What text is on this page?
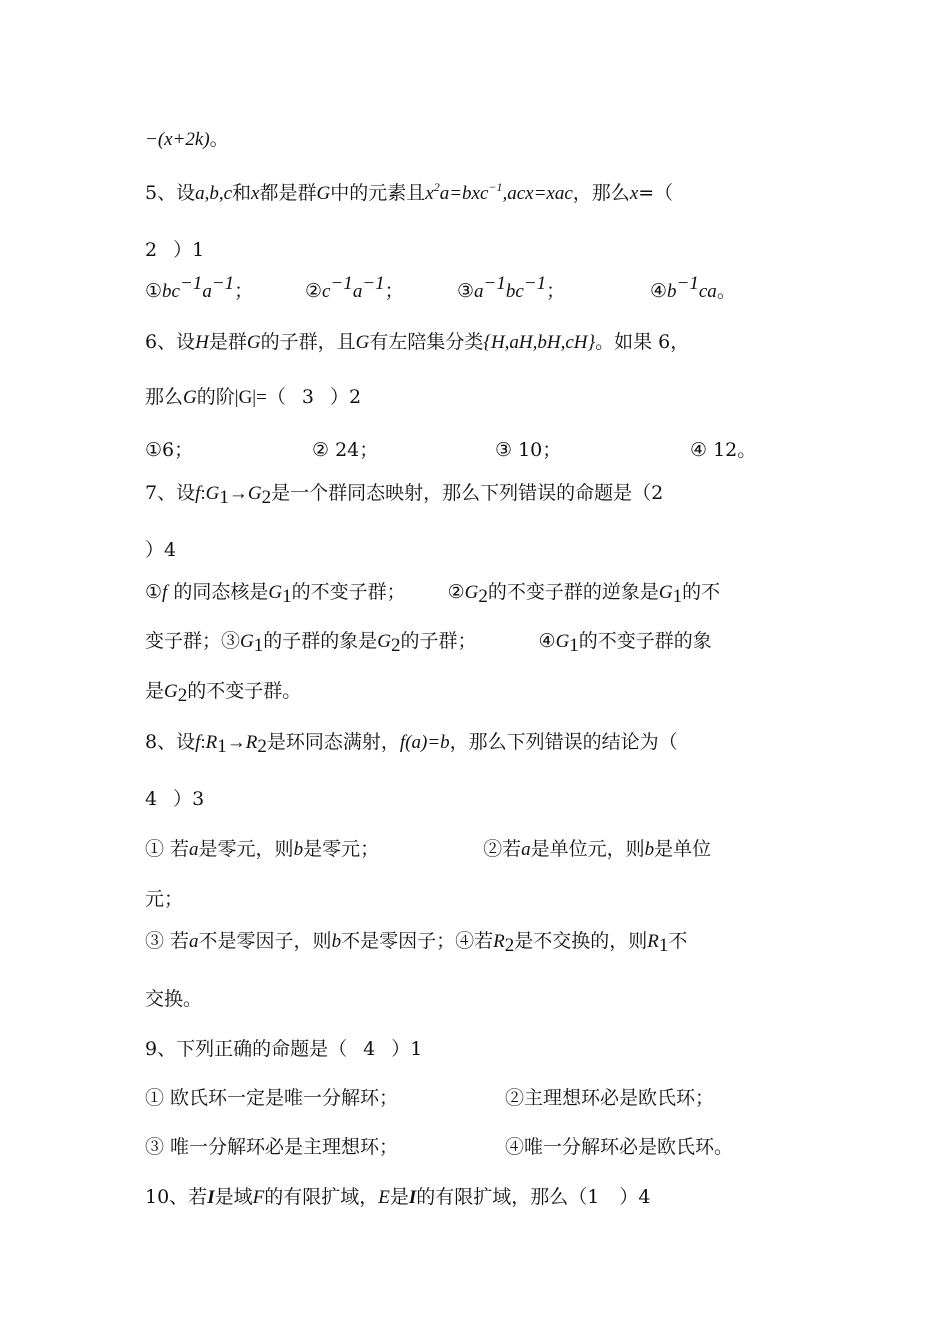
−(x+2k)。
5、设a,b,c和x都是群G中的元素且$x^2a=bxc^{-1},acx=xac$，那么x=（
2 ）1
$①bc^{-1}a^{-1}$；	$②c^{-1}a^{-1}$；	$③a^{-1}bc^{-1}$；	$④b^{-1}ca$。
6、设H是群G的子群，且G有左陪集分类{H,aH,bH,cH}。如果 6，
那么G的阶|G|=（ 3 ）2
①6；	② 24；	③ 10；	④ 12。
7、设$f:G_1\to G_2$是一个群同态映射，那么下列错误的命题是（2
）4
①f 的同态核是$G_1$的不变子群； $②G_2$的不变子群的逆象是$G_1$的不
变子群；$③G_1$的子群的象是$G_2$的子群；	$④G_1$的不变子群的象
是$G_2$的不变子群。
8、设$f:R_1\to R_2$是环同态满射，f(a)=b，那么下列错误的结论为（
4 ）3
① 若a是零元，则b是零元；	②若a是单位元，则b是单位
元；
③ 若a不是零因子，则b不是零因子；④若$R_2$是不交换的，则$R_1$不
交换。
9、下列正确的命题是（ 4 ）1
① 欧氏环一定是唯一分解环；	②主理想环必是欧氏环；
③ 唯一分解环必是主理想环；	④唯一分解环必是欧氏环。
10、若I是域F的有限扩域，E是I的有限扩域，那么（1 ）4
